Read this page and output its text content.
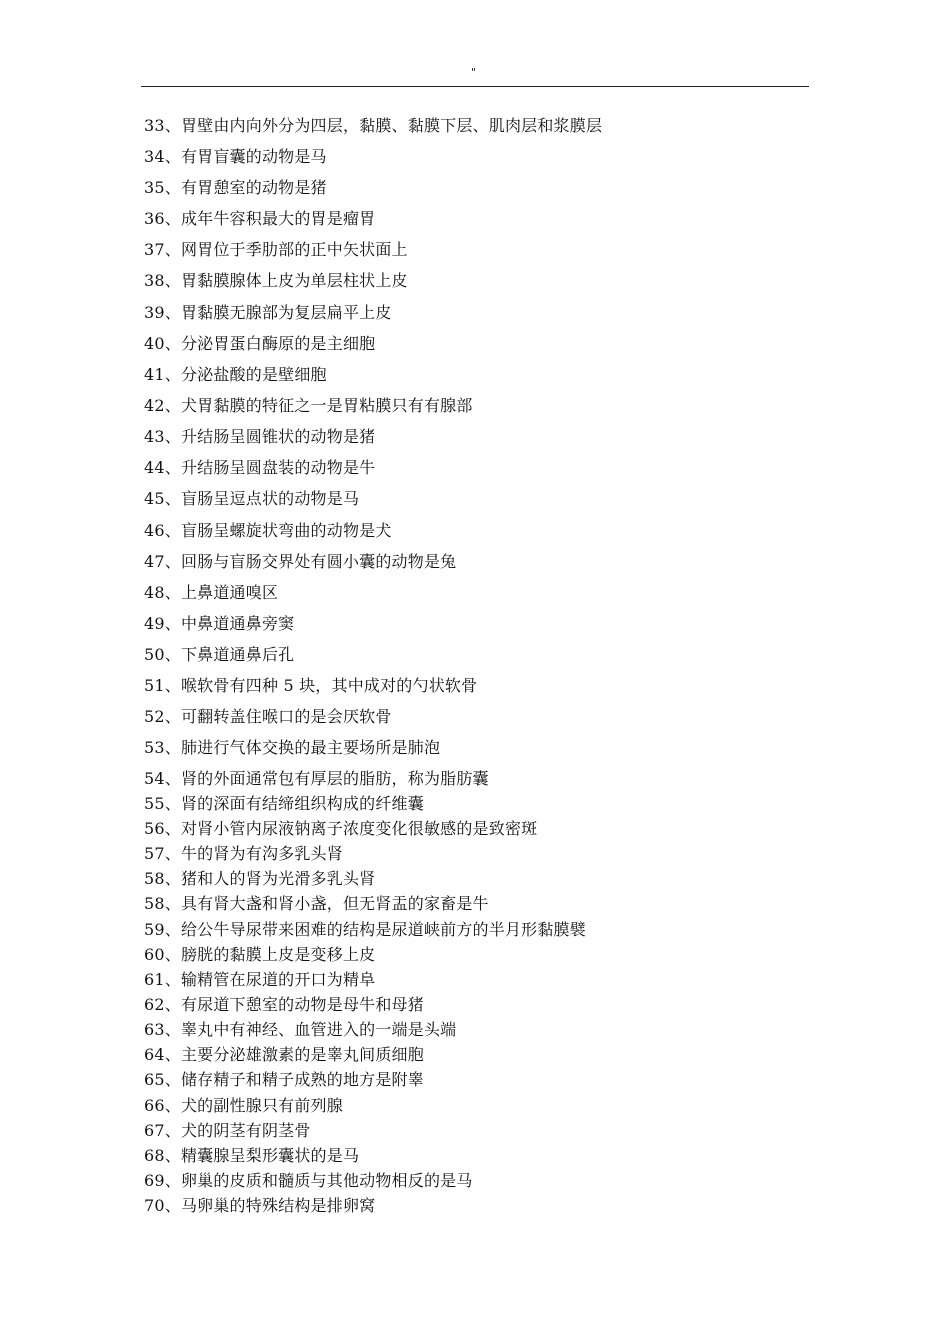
"
33、胃壁由内向外分为四层，黏膜、黏膜下层、肌肉层和浆膜层
34、有胃盲囊的动物是马
35、有胃憩室的动物是猪
36、成年牛容积最大的胃是瘤胃
37、网胃位于季肋部的正中矢状面上
38、胃黏膜腺体上皮为单层柱状上皮
39、胃黏膜无腺部为复层扁平上皮
40、分泌胃蛋白酶原的是主细胞
41、分泌盐酸的是壁细胞
42、犬胃黏膜的特征之一是胃粘膜只有有腺部
43、升结肠呈圆锥状的动物是猪
44、升结肠呈圆盘装的动物是牛
45、盲肠呈逗点状的动物是马
46、盲肠呈螺旋状弯曲的动物是犬
47、回肠与盲肠交界处有圆小囊的动物是兔
48、上鼻道通嗅区
49、中鼻道通鼻旁窦
50、下鼻道通鼻后孔
51、喉软骨有四种 5 块，其中成对的勺状软骨
52、可翻转盖住喉口的是会厌软骨
53、肺进行气体交换的最主要场所是肺泡
54、肾的外面通常包有厚层的脂肪，称为脂肪囊
55、肾的深面有结缔组织构成的纤维囊
56、对肾小管内尿液钠离子浓度变化很敏感的是致密斑
57、牛的肾为有沟多乳头肾
58、猪和人的肾为光滑多乳头肾
58、具有肾大盏和肾小盏，但无肾盂的家畜是牛
59、给公牛导尿带来困难的结构是尿道峡前方的半月形黏膜襞
60、膀胱的黏膜上皮是变移上皮
61、输精管在尿道的开口为精阜
62、有尿道下憩室的动物是母牛和母猪
63、睾丸中有神经、血管进入的一端是头端
64、主要分泌雄激素的是睾丸间质细胞
65、储存精子和精子成熟的地方是附睾
66、犬的副性腺只有前列腺
67、犬的阴茎有阴茎骨
68、精囊腺呈梨形囊状的是马
69、卵巢的皮质和髓质与其他动物相反的是马
70、马卵巢的特殊结构是排卵窝
